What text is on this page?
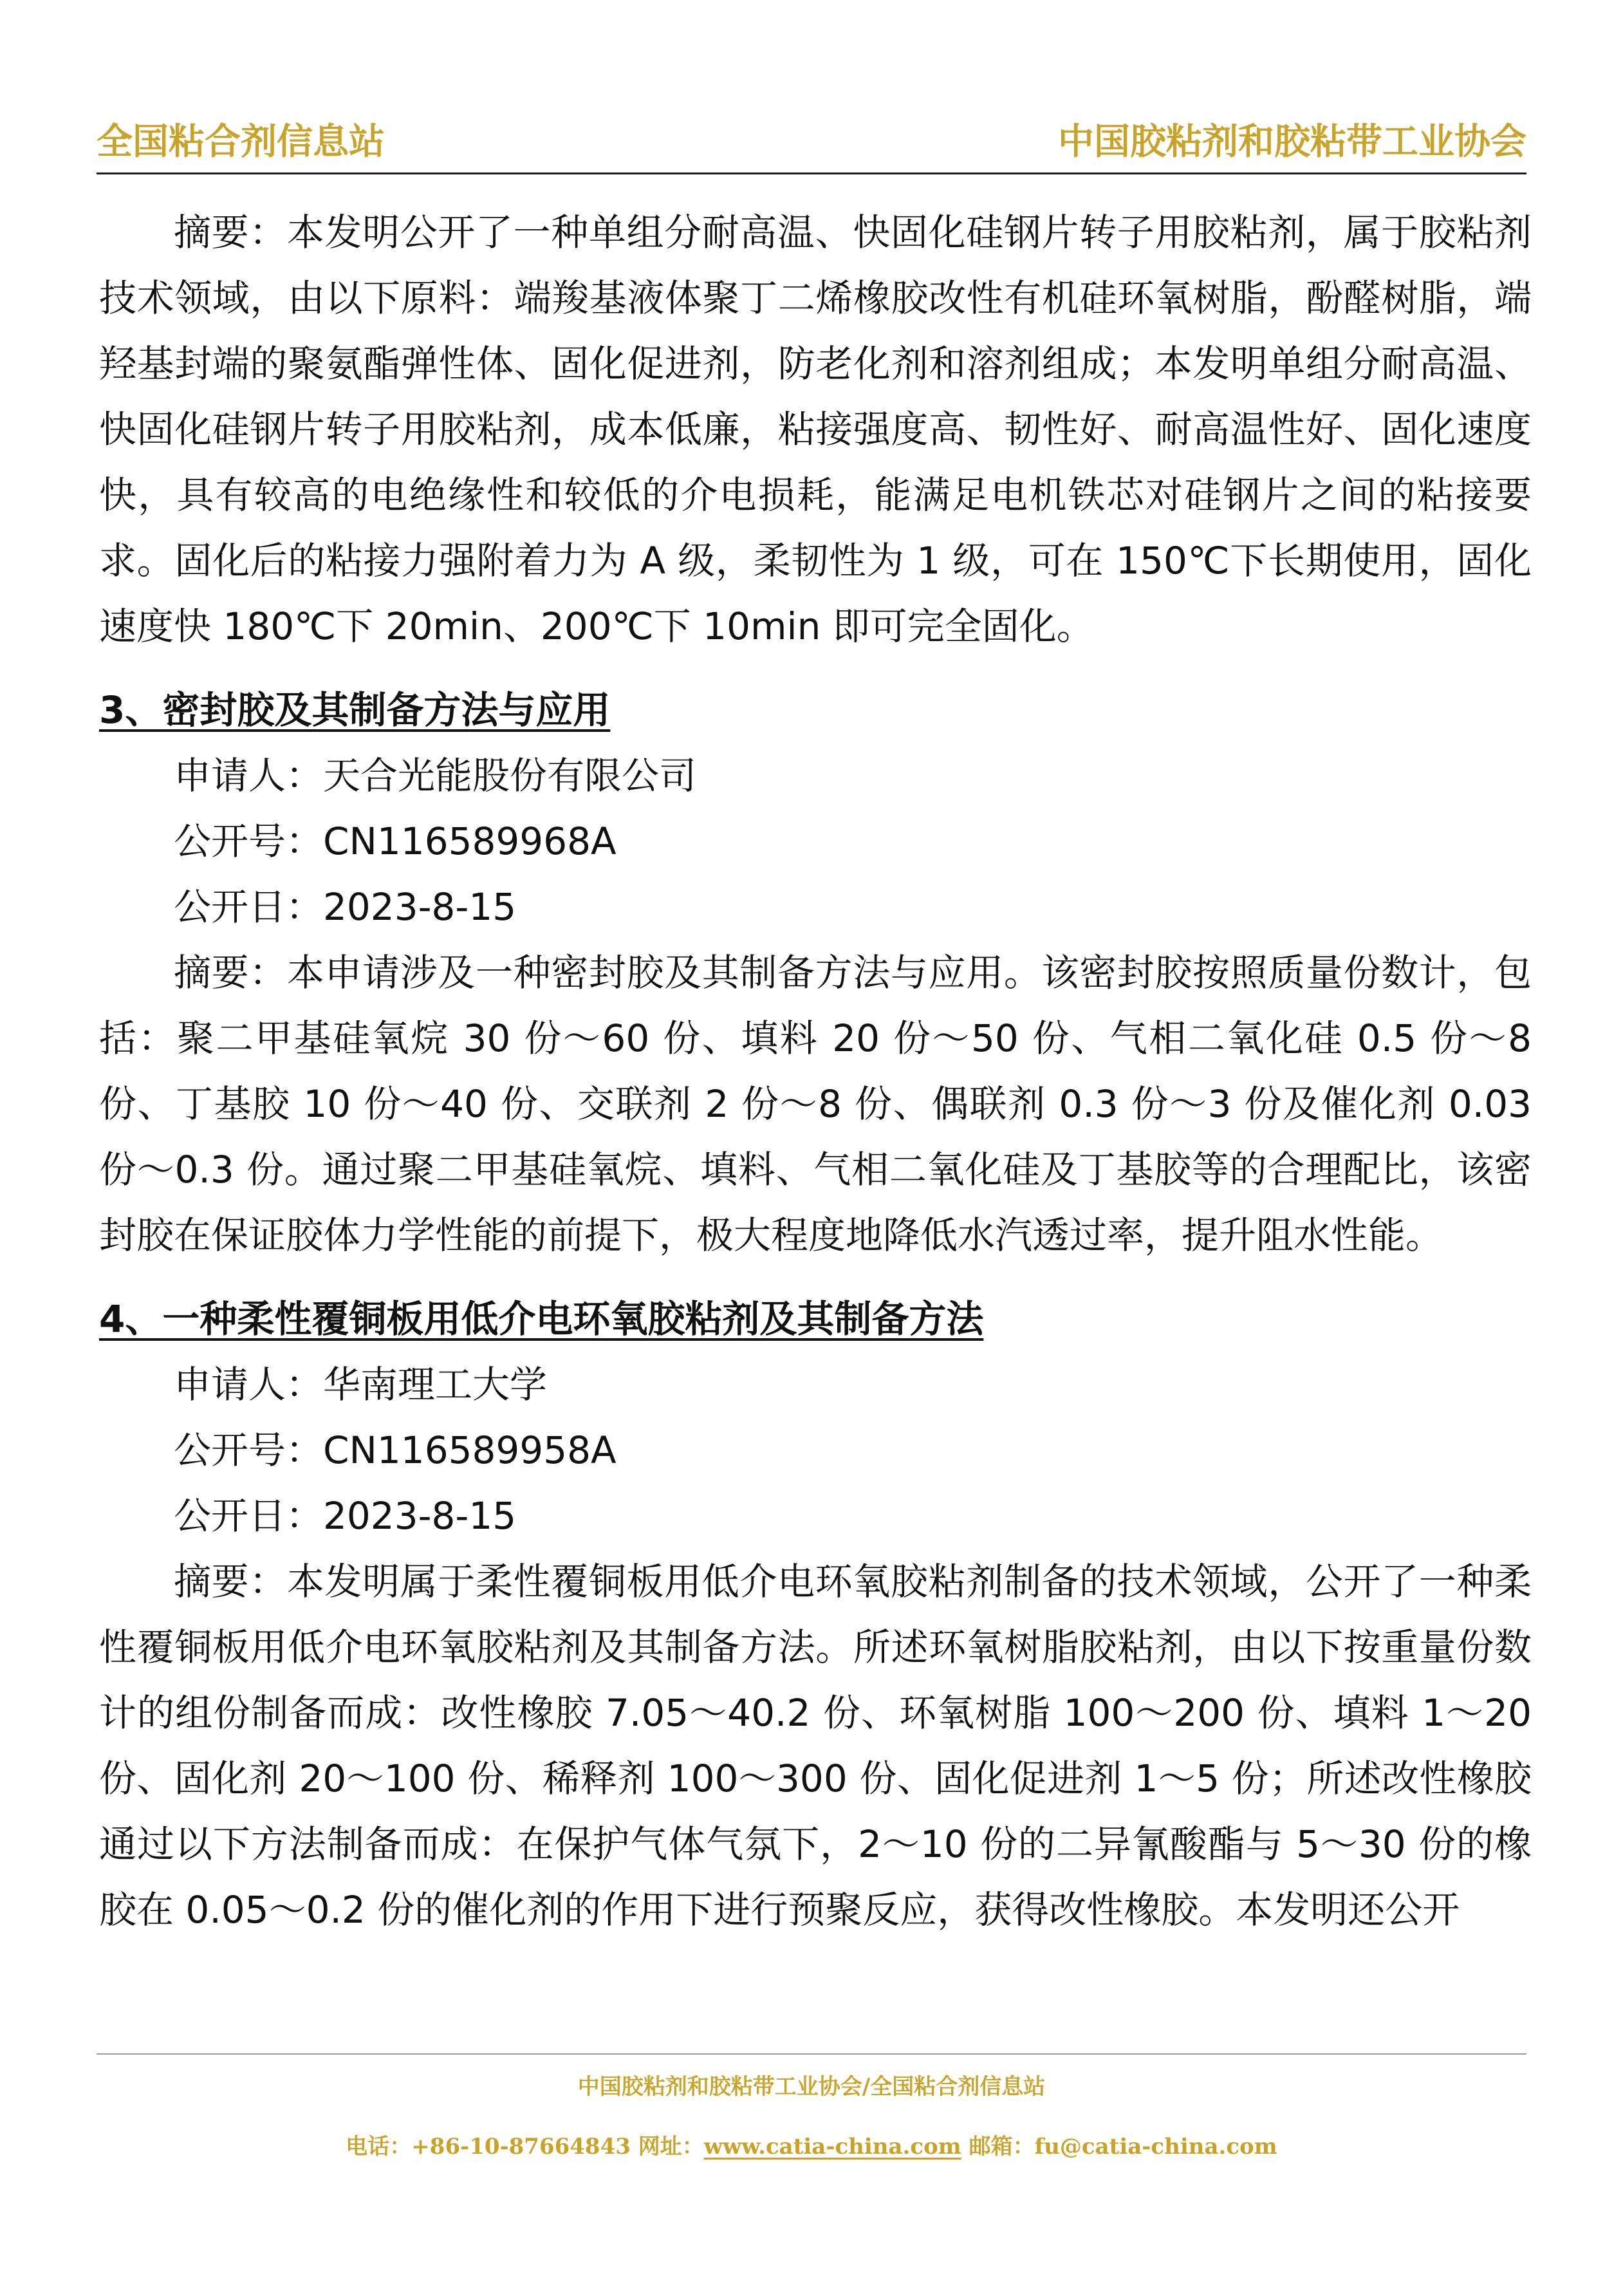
全国粘合剂信息站	中国胶粘剂和胶粘带工业协会

摘要：本发明公开了一种单组分耐高温、快固化硅钢片转子用胶粘剂，属于胶粘剂技术领域，由以下原料：端羧基液体聚丁二烯橡胶改性有机硅环氧树脂，酚醛树脂，端羟基封端的聚氨酯弹性体、固化促进剂，防老化剂和溶剂组成；本发明单组分耐高温、快固化硅钢片转子用胶粘剂，成本低廉，粘接强度高、韧性好、耐高温性好、固化速度快，具有较高的电绝缘性和较低的介电损耗，能满足电机铁芯对硅钢片之间的粘接要求。固化后的粘接力强附着力为 A 级，柔韧性为 1 级，可在 150℃下长期使用，固化速度快 180℃下 20min、200℃下 10min 即可完全固化。

3、密封胶及其制备方法与应用

申请人：天合光能股份有限公司

公开号：CN116589968A

公开日：2023-8-15

摘要：本申请涉及一种密封胶及其制备方法与应用。该密封胶按照质量份数计，包括：聚二甲基硅氧烷 30 份～60 份、填料 20 份～50 份、气相二氧化硅 0.5 份～8 份、丁基胶 10 份～40 份、交联剂 2 份～8 份、偶联剂 0.3 份～3 份及催化剂 0.03 份～0.3 份。通过聚二甲基硅氧烷、填料、气相二氧化硅及丁基胶等的合理配比，该密封胶在保证胶体力学性能的前提下，极大程度地降低水汽透过率，提升阻水性能。

4、一种柔性覆铜板用低介电环氧胶粘剂及其制备方法

申请人：华南理工大学

公开号：CN116589958A

公开日：2023-8-15

摘要：本发明属于柔性覆铜板用低介电环氧胶粘剂制备的技术领域，公开了一种柔性覆铜板用低介电环氧胶粘剂及其制备方法。所述环氧树脂胶粘剂，由以下按重量份数计的组份制备而成：改性橡胶 7.05～40.2 份、环氧树脂 100～200 份、填料 1～20 份、固化剂 20～100 份、稀释剂 100～300 份、固化促进剂 1～5 份；所述改性橡胶通过以下方法制备而成：在保护气体气氛下，2～10 份的二异氰酸酯与 5～30 份的橡胶在 0.05～0.2 份的催化剂的作用下进行预聚反应，获得改性橡胶。本发明还公开

中国胶粘剂和胶粘带工业协会/全国粘合剂信息站
电话：+86-10-87664843 网址：www.catia-china.com 邮箱：fu@catia-china.com
